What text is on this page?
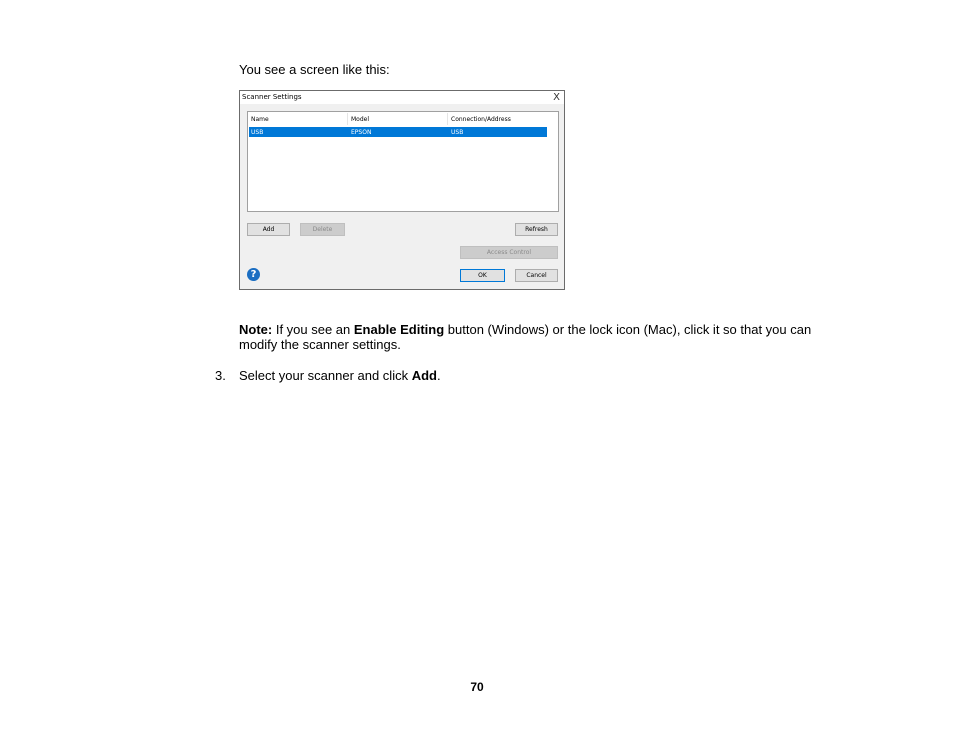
You see a screen like this:
Scanner Settings	X
Name	Model	Connection/Address
USB	EPSON	USB
Add	Delete	Refresh
Access Control
OK	Cancel
?
Note: If you see an Enable Editing button (Windows) or the lock icon (Mac), click it so that you can modify the scanner settings.
3. Select your scanner and click Add.
70
